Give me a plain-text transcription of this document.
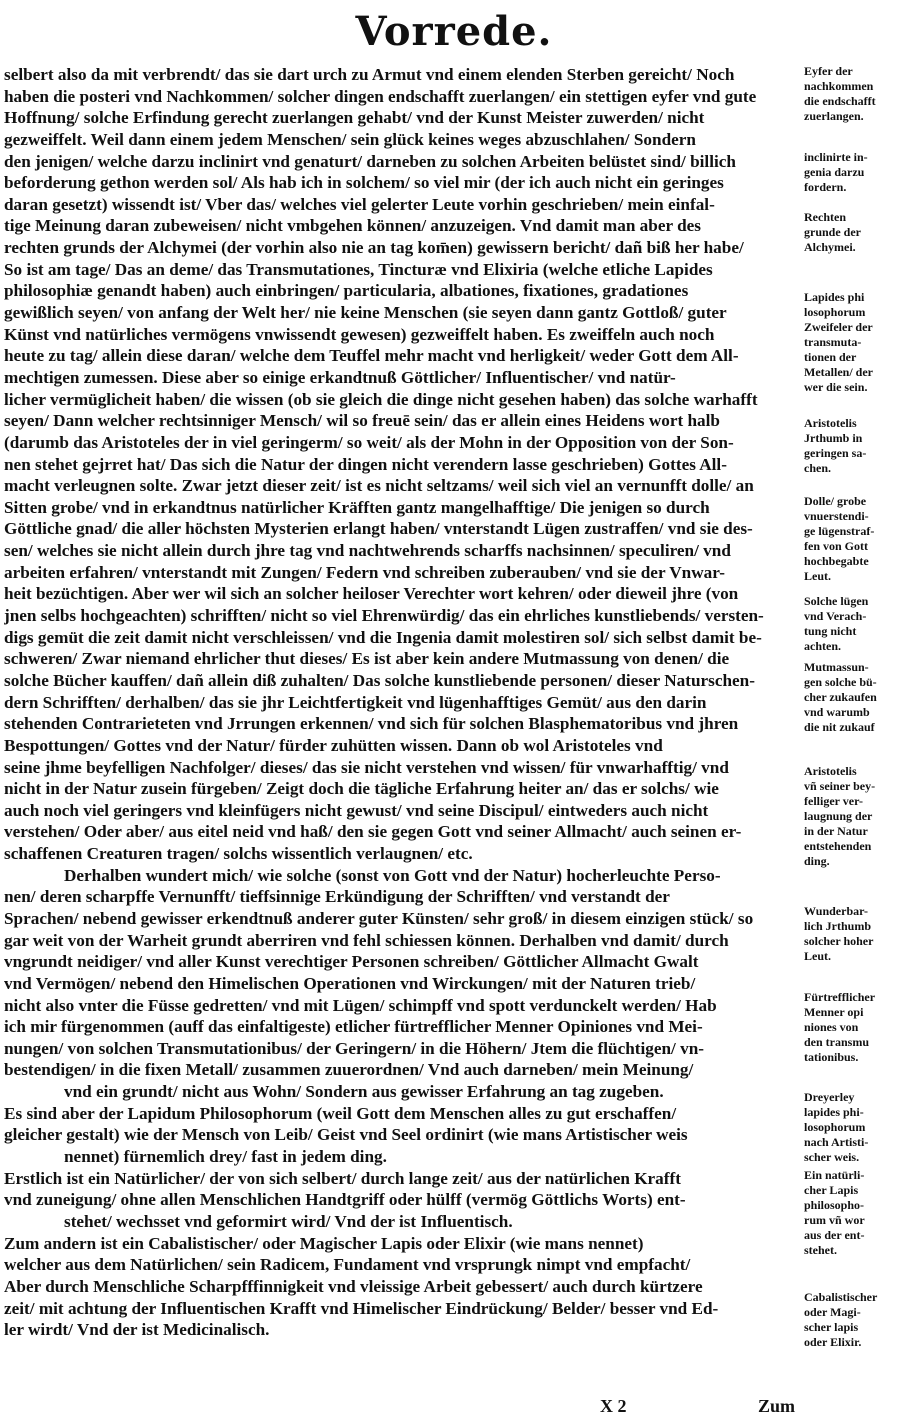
Vorrede.
selbert also da mit verbrendt/ das sie dart urch zu Armut vnd einem elenden Sterben gereicht/ Noch
haben die posteri vnd Nachkommen/ solcher dingen endschafft zuerlangen/ ein stettigen eyfer vnd gute
Hoffnung/ solche Erfindung gerecht zuerlangen gehabt/ vnd der Kunst Meister zuwerden/ nicht
gezweiffelt. Weil dann einem jedem Menschen/ sein glück keines weges abzuschlahen/ Sondern
den jenigen/ welche darzu inclinirt vnd genaturt/ darneben zu solchen Arbeiten belüstet sind/ billich
beforderung gethon werden sol/ Als hab ich in solchem/ so viel mir (der ich auch nicht ein geringes
daran gesetzt) wissendt ist/ Vber das/ welches viel gelerter Leute vorhin geschrieben/ mein einfal-
tige Meinung daran zubeweisen/ nicht vmbgehen können/ anzuzeigen. Vnd damit man aber des
rechten grunds der Alchymei (der vorhin also nie an tag kom̄en) gewissern bericht/ dañ biß her habe/
So ist am tage/ Das an deme/ das Transmutationes, Tincturæ vnd Elixiria (welche etliche Lapides
philosophiæ genandt haben) auch einbringen/ particularia, albationes, fixationes, gradationes
gewißlich seyen/ von anfang der Welt her/ nie keine Menschen (sie seyen dann gantz Gottloß/ guter
Künst vnd natürliches vermögens vnwissendt gewesen) gezweiffelt haben. Es zweiffeln auch noch
heute zu tag/ allein diese daran/ welche dem Teuffel mehr macht vnd herligkeit/ weder Gott dem All-
mechtigen zumessen. Diese aber so einige erkandtnuß Göttlicher/ Influentischer/ vnd natür-
licher vermüglicheit haben/ die wissen (ob sie gleich die dinge nicht gesehen haben) das solche warhafft
seyen/ Dann welcher rechtsinniger Mensch/ wil so freuē sein/ das er allein eines Heidens wort halb
(darumb das Aristoteles der in viel geringerm/ so weit/ als der Mohn in der Opposition von der Son-
nen stehet gejrret hat/ Das sich die Natur der dingen nicht verendern lasse geschrieben) Gottes All-
macht verleugnen solte. Zwar jetzt dieser zeit/ ist es nicht seltzams/ weil sich viel an vernunfft dolle/ an
Sitten grobe/ vnd in erkandtnus natürlicher Kräfften gantz mangelhafftige/ Die jenigen so durch
Göttliche gnad/ die aller höchsten Mysterien erlangt haben/ vnterstandt Lügen zustraffen/ vnd sie des-
sen/ welches sie nicht allein durch jhre tag vnd nachtwehrends scharffs nachsinnen/ speculiren/ vnd
arbeiten erfahren/ vnterstandt mit Zungen/ Federn vnd schreiben zuberauben/ vnd sie der Vnwar-
heit bezüchtigen. Aber wer wil sich an solcher heiloser Verechter wort kehren/ oder dieweil jhre (von
jnen selbs hochgeachten) schrifften/ nicht so viel Ehrenwürdig/ das ein ehrliches kunstliebends/ versten-
digs gemüt die zeit damit nicht verschleissen/ vnd die Ingenia damit molestiren sol/ sich selbst damit be-
schweren/ Zwar niemand ehrlicher thut dieses/ Es ist aber kein andere Mutmassung von denen/ die
solche Bücher kauffen/ dañ allein diß zuhalten/ Das solche kunstliebende personen/ dieser Naturschen-
dern Schrifften/ derhalben/ das sie jhr Leichtfertigkeit vnd lügenhafftiges Gemüt/ aus den darin
stehenden Contrarieteten vnd Jrrungen erkennen/ vnd sich für solchen Blasphematoribus vnd jhren
Bespottungen/ Gottes vnd der Natur/ fürder zuhütten wissen. Dann ob wol Aristoteles vnd
seine jhme beyfelligen Nachfolger/ dieses/ das sie nicht verstehen vnd wissen/ für vnwarhafftig/ vnd
nicht in der Natur zusein fürgeben/ Zeigt doch die tägliche Erfahrung heiter an/ das er solchs/ wie
auch noch viel geringers vnd kleinfügers nicht gewust/ vnd seine Discipul/ eintweders auch nicht
verstehen/ Oder aber/ aus eitel neid vnd haß/ den sie gegen Gott vnd seiner Allmacht/ auch seinen er-
schaffenen Creaturen tragen/ solchs wissentlich verlaugnen/ etc.
Derhalben wundert mich/ wie solche (sonst von Gott vnd der Natur) hocherleuchte Perso-
nen/ deren scharpffe Vernunfft/ tieffsinnige Erkündigung der Schrifften/ vnd verstandt der
Sprachen/ nebend gewisser erkendtnuß anderer guter Künsten/ sehr groß/ in diesem einzigen stück/ so
gar weit von der Warheit grundt aberriren vnd fehl schiessen können. Derhalben vnd damit/ durch
vngrundt neidiger/ vnd aller Kunst verechtiger Personen schreiben/ Göttlicher Allmacht Gwalt
vnd Vermögen/ nebend den Himelischen Operationen vnd Wirckungen/ mit der Naturen trieb/
nicht also vnter die Füsse gedretten/ vnd mit Lügen/ schimpff vnd spott verdunckelt werden/ Hab
ich mir fürgenommen (auff das einfaltigeste) etlicher fürtrefflicher Menner Opiniones vnd Mei-
nungen/ von solchen Transmutationibus/ der Geringern/ in die Höhern/ Jtem die flüchtigen/ vn-
bestendigen/ in die fixen Metall/ zusammen zuuerordnen/ Vnd auch darneben/ mein Meinung/
vnd ein grundt/ nicht aus Wohn/ Sondern aus gewisser Erfahrung an tag zugeben.
Es sind aber der Lapidum Philosophorum (weil Gott dem Menschen alles zu gut erschaffen/
gleicher gestalt) wie der Mensch von Leib/ Geist vnd Seel ordinirt (wie mans Artistischer weis
nennet) fürnemlich drey/ fast in jedem ding.
Erstlich ist ein Natürlicher/ der von sich selbert/ durch lange zeit/ aus der natürlichen Krafft
vnd zuneigung/ ohne allen Menschlichen Handtgriff oder hülff (vermög Göttlichs Worts) ent-
stehet/ wechsset vnd geformirt wird/ Vnd der ist Influentisch.
Zum andern ist ein Cabalistischer/ oder Magischer Lapis oder Elixir (wie mans nennet)
welcher aus dem Natürlichen/ sein Radicem, Fundament vnd vrsprungk nimpt vnd empfacht/
Aber durch Menschliche Scharpfffinnigkeit vnd vleissige Arbeit gebessert/ auch durch kürtzere
zeit/ mit achtung der Influentischen Krafft vnd Himelischer Eindrückung/ Belder/ besser vnd Ed-
ler wirdt/ Vnd der ist Medicinalisch.
Eyfer der
nachkommen
die endschafft
zuerlangen.
inclinirte in-
genia darzu
fordern.
Rechten
grunde der
Alchymei.
Lapides phi
losophorum
Zweifeler der
transmuta-
tionen der
Metallen/ der
wer die sein.
Aristotelis
Jrthumb in
geringen sa-
chen.
Dolle/ grobe
vnuerstendi-
ge lügenstraf-
fen von Gott
hochbegabte
Leut.
Solche lügen
vnd Verach-
tung nicht
achten.
Mutmassun-
gen solche bü-
cher zukaufen
vnd warumb
die nit zukauf
Aristotelis
vñ seiner bey-
felliger ver-
laugnung der
in der Natur
entstehenden
ding.
Wunderbar-
lich Jrthumb
solcher hoher
Leut.
Fürtrefflicher
Menner opi
niones von
den transmu
tationibus.
Dreyerley
lapides phi-
losophorum
nach Artisti-
scher weis.
Ein natürli-
cher Lapis
philosopho-
rum vñ wor
aus der ent-
stehet.
Cabalistischer
oder Magi-
scher lapis
oder Elixir.
X 2	Zum
